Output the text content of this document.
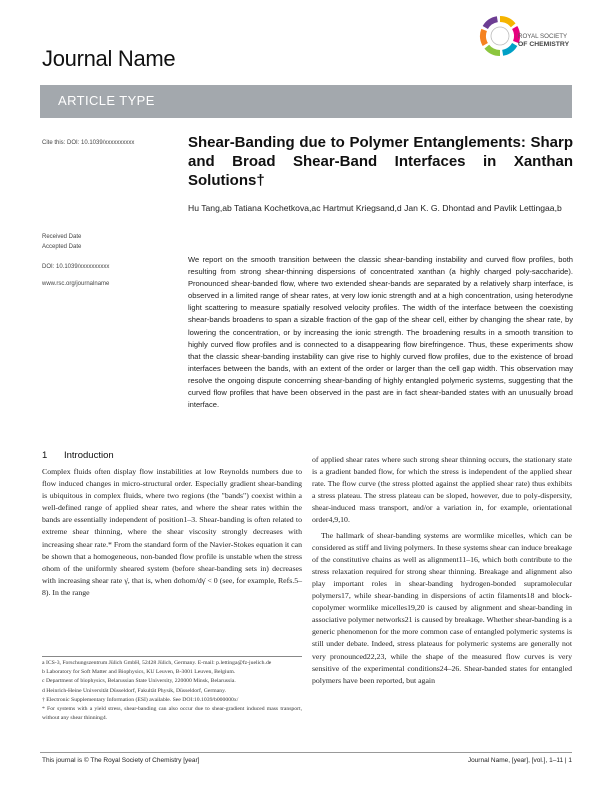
Journal Name
ROYAL SOCIETY
OF CHEMISTRY
ARTICLE TYPE
Cite this: DOI: 10.1039/xxxxxxxxxx
Received Date
Accepted Date
DOI: 10.1039/xxxxxxxxxx
www.rsc.org/journalname
Shear-Banding due to Polymer Entanglements: Sharp and Broad Shear-Band Interfaces in Xanthan Solutions†
Hu Tang,ab Tatiana Kochetkova,ac Hartmut Kriegsand,d Jan K. G. Dhontad and Pavlik Lettingaa,b
We report on the smooth transition between the classic shear-banding instability and curved flow profiles, both resulting from strong shear-thinning dispersions of concentrated xanthan (a highly charged poly-saccharide). Pronounced shear-banded flow, where two extended shear-bands are separated by a relatively sharp interface, is observed in a limited range of shear rates, at very low ionic strength and at a high concentration, using heterodyne light scattering to measure spatially resolved velocity profiles. The width of the interface between the coexisting shear-bands broadens to span a sizable fraction of the gap of the shear cell, either by changing the shear rate, by lowering the concentration, or by increasing the ionic strength. The broadening results in a smooth transition to highly curved flow profiles and is connected to a disappearing flow birefringence. Thus, these experiments show that the classic shear-banding instability can give rise to highly curved flow profiles, due to the existence of broad interfaces between the bands, with an extent of the order or larger than the cell gap width. This observation may resolve the ongoing dispute concerning shear-banding of highly entangled polymeric systems, suggesting that the curved flow profiles that have been observed in the past are in fact shear-banded states with an unusually broad interface.
1 Introduction

Complex fluids often display flow instabilities at low Reynolds numbers due to flow induced changes in micro-structural order. Especially gradient shear-banding is ubiquitous in complex fluids, where two regions (the "bands") coexist within a well-defined range of applied shear rates, and where the shear rates within the bands are essentially independent of position1–3. Shear-banding is often related to extreme shear thinning, where the shear viscosity strongly decreases with increasing shear rate.* From the standard form of the Navier-Stokes equation it can be shown that a homogeneous, non-banded flow profile is unstable when the stress σhom of the uniformly sheared system (before shear-banding sets in) decreases with increasing shear rate γ̇, that is, when dσhom/dγ̇ < 0 (see, for example, Refs.5–8). In the range

of applied shear rates where such strong shear thinning occurs, the stationary state is a gradient banded flow, for which the stress is independent of the applied shear rate. The flow curve (the stress plotted against the applied shear rate) thus exhibits a stress plateau. The stress plateau can be sloped, however, due to poly-dispersity, shear-induced mass transport, and/or a variation in, for example, orientational order4,9,10.

The hallmark of shear-banding systems are wormlike micelles, which can be considered as stiff and living polymers. In these systems shear can induce breakage of the constitutive chains as well as alignment11–16, which both contribute to the stress relaxation required for strong shear thinning. Breakage and alignment also play important roles in shear-banding hydrogen-bonded supramolecular polymers17, while shear-banding in dispersions of actin filaments18 and block-copolymer wormlike micelles19,20 is caused by alignment and shear-banding in associative polymer networks21 is caused by breakage. Whether shear-banding is a generic phenomenon for the more common case of entangled polymeric systems is still under debate. Indeed, stress plateaus for polymeric systems are generally not very pronounced22,23, while the shape of the measured flow curves is very sensitive of the experimental conditions24–26. Shear-banded states for entangled polymers have been reported, but again

a ICS-3, Forschungszentrum Jülich GmbH, 52428 Jülich, Germany. E-mail: p.lettinga@fz-juelich.de

b Laboratory for Soft Matter and Biophysics, KU Leuven, B-3001 Leuven, Belgium.

c Department of biophysics, Belarussian State University, 220000 Minsk, Belarussia.

d Heinrich-Heine Universität Düsseldorf, Fakultät Physik, Düsseldorf, Germany.

† Electronic Supplementary Information (ESI) available. See DOI:10.1039/b000000x/

* For systems with a yield stress, shear-banding can also occur due to shear-gradient induced mass transport, without any shear thinning4.

This journal is © The Royal Society of Chemistry [year]	Journal Name, [year], [vol.], 1–11 | 1
